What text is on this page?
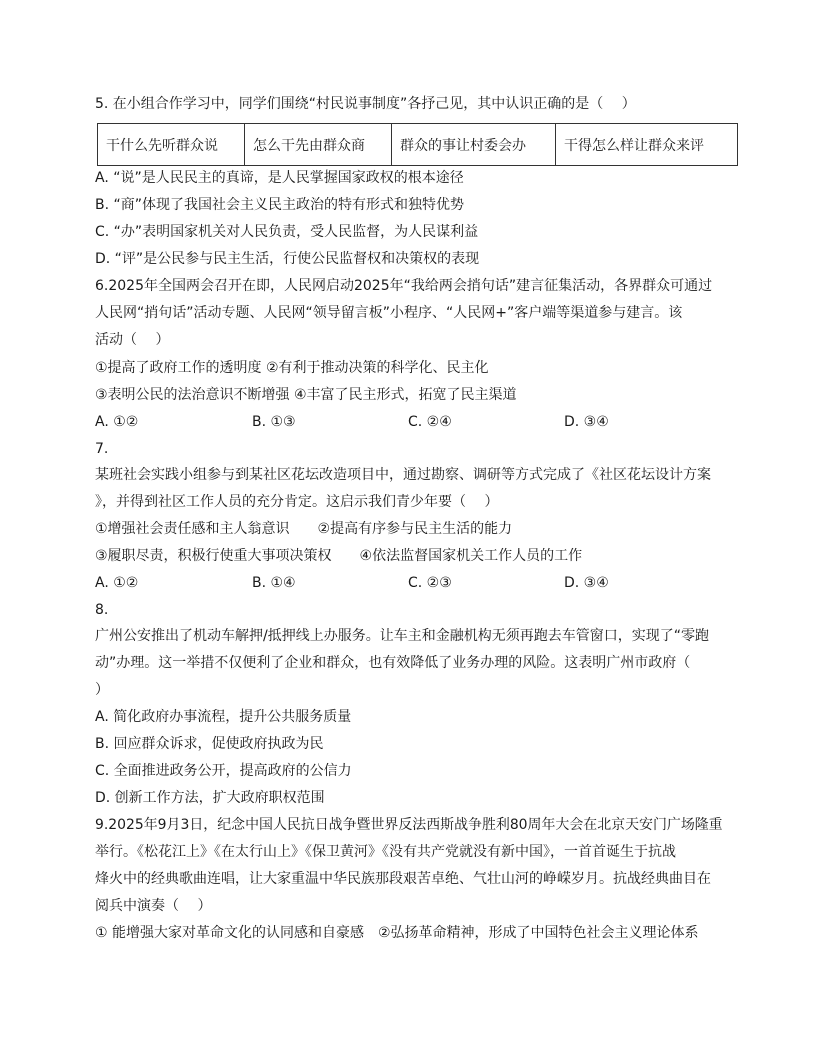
5. 在小组合作学习中，同学们围绕“村民说事制度”各抒己见，其中认识正确的是（　 ）
干什么先听群众说	怎么干先由群众商	群众的事让村委会办	干得怎么样让群众来评
A. “说”是人民民主的真谛，是人民掌握国家政权的根本途径
B. “商”体现了我国社会主义民主政治的特有形式和独特优势
C. “办”表明国家机关对人民负责，受人民监督，为人民谋利益
D. “评”是公民参与民主生活，行使公民监督权和决策权的表现
6.2025年全国两会召开在即，人民网启动2025年“我给两会捎句话”建言征集活动，各界群众可通过
人民网“捎句话”活动专题、人民网“领导留言板”小程序、“人民网+”客户端等渠道参与建言。该
活动（　 ）
①提高了政府工作的透明度 ②有利于推动决策的科学化、民主化
③表明公民的法治意识不断增强 ④丰富了民主形式，拓宽了民主渠道
A. ①②	B. ①③	C. ②④	D. ③④
7.
某班社会实践小组参与到某社区花坛改造项目中，通过勘察、调研等方式完成了《社区花坛设计方案
》，并得到社区工作人员的充分肯定。这启示我们青少年要（　 ）
①增强社会责任感和主人翁意识　　②提高有序参与民主生活的能力
③履职尽责，积极行使重大事项决策权　　④依法监督国家机关工作人员的工作
A. ①②	B. ①④	C. ②③	D. ③④
8.
广州公安推出了机动车解押/抵押线上办服务。让车主和金融机构无须再跑去车管窗口，实现了“零跑
动”办理。这一举措不仅便利了企业和群众，也有效降低了业务办理的风险。这表明广州市政府（
）
A. 简化政府办事流程，提升公共服务质量
B. 回应群众诉求，促使政府执政为民
C. 全面推进政务公开，提高政府的公信力
D. 创新工作方法，扩大政府职权范围
9.2025年9月3日，纪念中国人民抗日战争暨世界反法西斯战争胜利80周年大会在北京天安门广场隆重
举行。《松花江上》《在太行山上》《保卫黄河》《没有共产党就没有新中国》，一首首诞生于抗战
烽火中的经典歌曲连唱，让大家重温中华民族那段艰苦卓绝、气壮山河的峥嵘岁月。抗战经典曲目在
阅兵中演奏（　 ）
① 能增强大家对革命文化的认同感和自豪感　②弘扬革命精神，形成了中国特色社会主义理论体系
